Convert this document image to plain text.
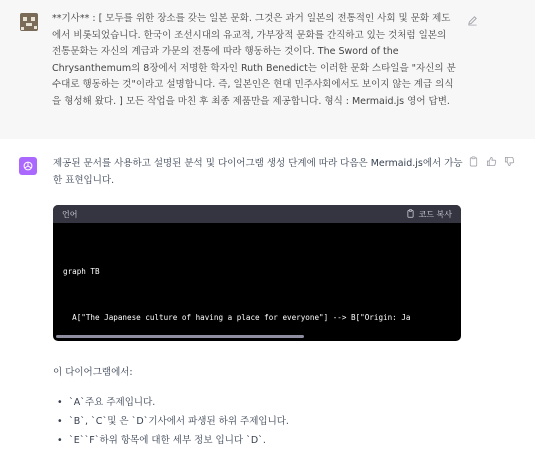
**기사** : [ 모두를 위한 장소를 갖는 일본 문화. 그것은 과거 일본의 전통적인 사회 및 문화 제도에서 비롯되었습니다. 한국이 조선시대의 유교적, 가부장적 문화를 간직하고 있는 것처럼 일본의 전통문화는 자신의 계급과 가문의 전통에 따라 행동하는 것이다. The Sword of the Chrysanthemum의 8장에서 저명한 학자인 Ruth Benedict는 이러한 문화 스타일을 "자신의 분수대로 행동하는 것"이라고 설명합니다. 즉, 일본인은 현대 민주사회에서도 보이지 않는 계급 의식을 형성해 왔다. ] 모든 작업을 마친 후 최종 제품만을 제공합니다. 형식 : Mermaid.js 영어 답변.
제공된 문서를 사용하고 설명된 분석 및 다이어그램 생성 단계에 따라 다음은 Mermaid.js에서 가능한 표현입니다.
언어	코드 복사

graph TB

A["The Japanese culture of having a place for everyone"] --> B["Origin: Ja

이 다이어그램에서:
• `A`주요 주제입니다.
• `B`, `C`및 은 `D`기사에서 파생된 하위 주제입니다.
• `E``F`하위 항목에 대한 세부 정보 입니다 `D`.
